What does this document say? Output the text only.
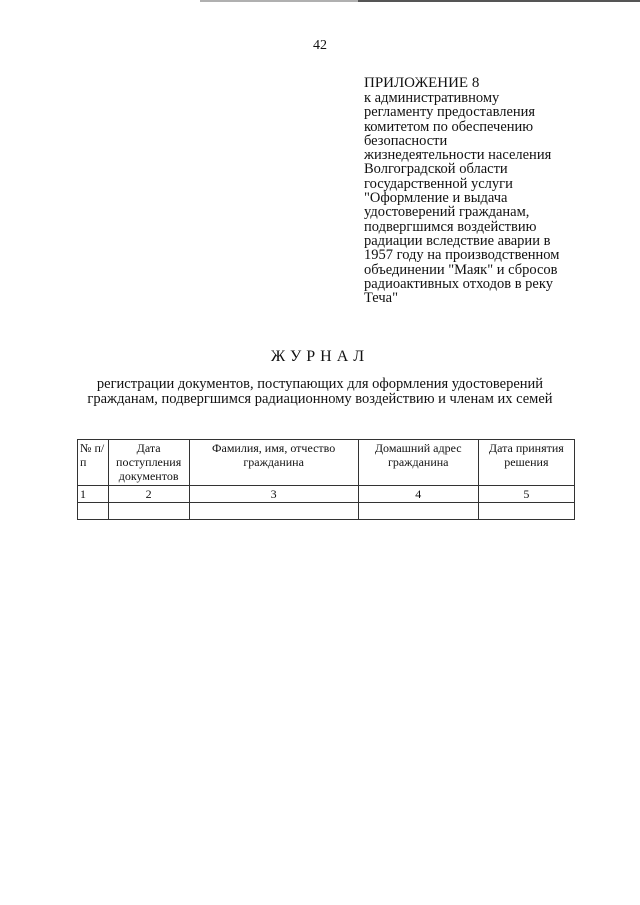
42
ПРИЛОЖЕНИЕ 8
к административному
регламенту предоставления
комитетом по обеспечению
безопасности
жизнедеятельности населения
Волгоградской области
государственной услуги
"Оформление и выдача
удостоверений гражданам,
подвергшимся воздействию
радиации вследствие аварии в
1957 году на производственном
объединении "Маяк" и сбросов
радиоактивных отходов в реку
Теча"
ЖУРНАЛ
регистрации документов, поступающих для оформления удостоверений
гражданам, подвергшимся радиационному воздействию и членам их семей
№ п/п	Дата поступления документов	Фамилия, имя, отчество гражданина	Домашний адрес гражданина	Дата принятия решения
1	2	3	4	5
